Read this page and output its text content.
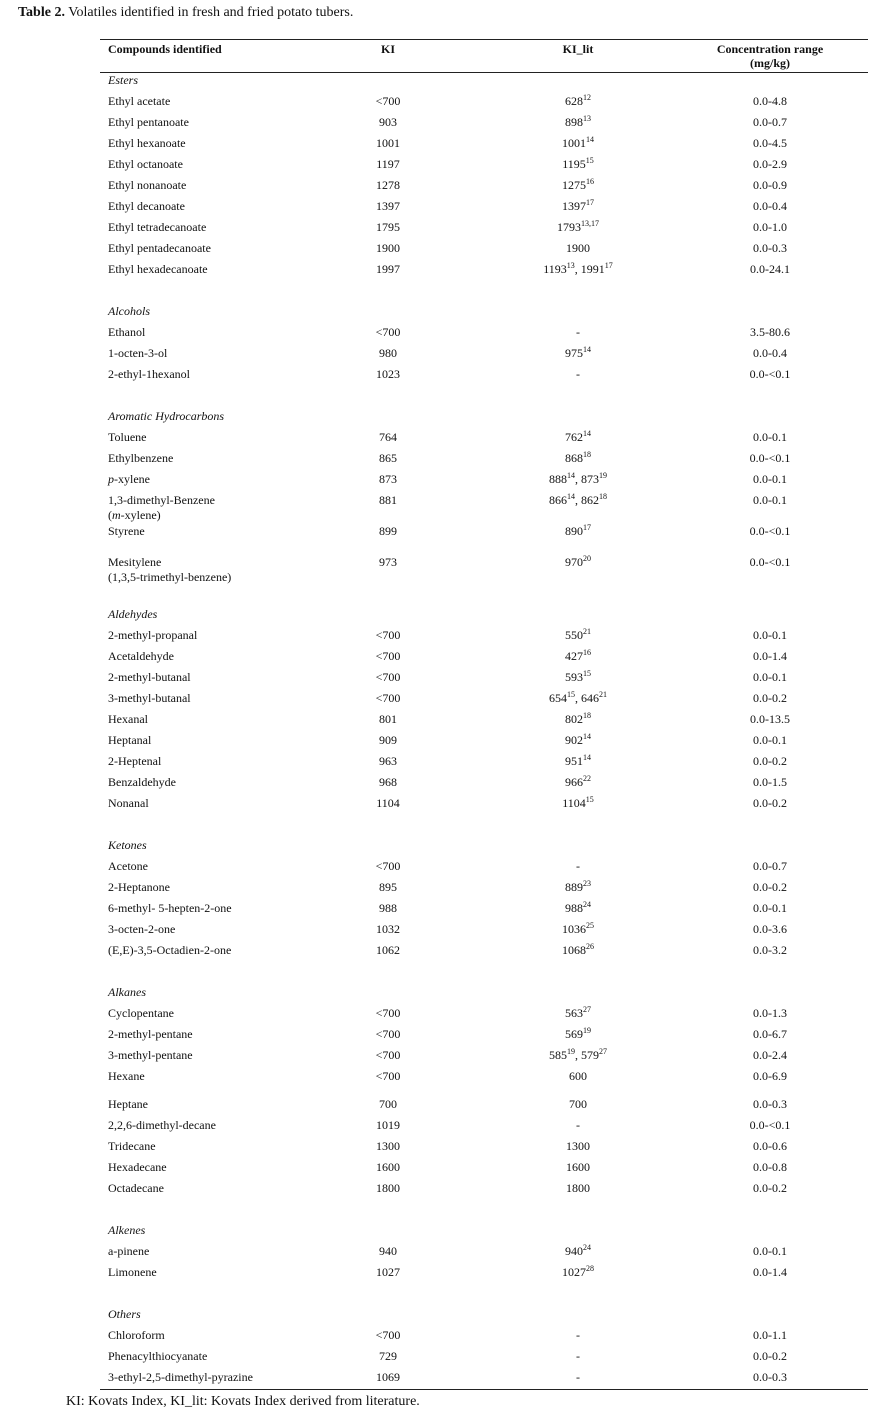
Table 2. Volatiles identified in fresh and fried potato tubers.
Compounds identified	KI	KI_lit	Concentration range
(mg/kg)
Esters
Ethyl acetate	<700	$628^{12}$	0.0-4.8
Ethyl pentanoate	903	$898^{13}$	0.0-0.7
Ethyl hexanoate	1001	1001$^{14}$	0.0-4.5
Ethyl octanoate	1197	1195$^{15}$	0.0-2.9
Ethyl nonanoate	1278	1275$^{16}$	0.0-0.9
Ethyl decanoate	1397	1397$^{17}$	0.0-0.4
Ethyl tetradecanoate	1795	1793$^{13,17}$	0.0-1.0
Ethyl pentadecanoate	1900	1900	0.0-0.3
Ethyl hexadecanoate	1997	1193$^{13}$, 1991$^{17}$	0.0-24.1
Alcohols
Ethanol	<700	-	3.5-80.6
1-octen-3-ol	980	$975^{14}$	0.0-0.4
2-ethyl-1hexanol	1023	-	0.0-<0.1
Aromatic Hydrocarbons
Toluene	764	$762^{14}$	0.0-0.1
Ethylbenzene	865	$868^{18}$	0.0-<0.1
p-xylene	873	$888^{14}$, $873^{19}$	0.0-0.1
1,3-dimethyl-Benzene
(m-xylene)
881	$866^{14}$, $862^{18}$	0.0-0.1
Styrene	899	$890^{17}$	0.0-<0.1
Mesitylene
(1,3,5-trimethyl-benzene)
973	$970^{20}$	0.0-<0.1
Aldehydes
2-methyl-propanal	<700	$550^{21}$	0.0-0.1
Acetaldehyde	<700	$427^{16}$	0.0-1.4
2-methyl-butanal	<700	$593^{15}$	0.0-0.1
3-methyl-butanal	<700	$654^{15}$, $646^{21}$	0.0-0.2
Hexanal	801	$802^{18}$	0.0-13.5
Heptanal	909	$902^{14}$	0.0-0.1
2-Heptenal	963	$951^{14}$	0.0-0.2
Benzaldehyde	968	$966^{22}$	0.0-1.5
Nonanal	1104	1104$^{15}$	0.0-0.2
Ketones
Acetone	<700	-	0.0-0.7
2-Heptanone	895	$889^{23}$	0.0-0.2
6-methyl- 5-hepten-2-one	988	$988^{24}$	0.0-0.1
3-octen-2-one	1032	1036$^{25}$	0.0-3.6
(E,E)-3,5-Octadien-2-one	1062	1068$^{26}$	0.0-3.2
Alkanes
Cyclopentane	<700	$563^{27}$	0.0-1.3
2-methyl-pentane	<700	$569^{19}$	0.0-6.7
3-methyl-pentane	<700	$585^{19}$, $579^{27}$	0.0-2.4
Hexane	<700	600	0.0-6.9
Heptane	700	700	0.0-0.3
2,2,6-dimethyl-decane	1019	-	0.0-<0.1
Tridecane	1300	1300	0.0-0.6
Hexadecane	1600	1600	0.0-0.8
Octadecane	1800	1800	0.0-0.2
Alkenes
a-pinene	940	$940^{24}$	0.0-0.1
Limonene	1027	1027$^{28}$	0.0-1.4
Others
Chloroform	<700	-	0.0-1.1
Phenacylthiocyanate	729	-	0.0-0.2
3-ethyl-2,5-dimethyl-pyrazine	1069	-	0.0-0.3
KI: Kovats Index, KI_lit: Kovats Index derived from literature.
